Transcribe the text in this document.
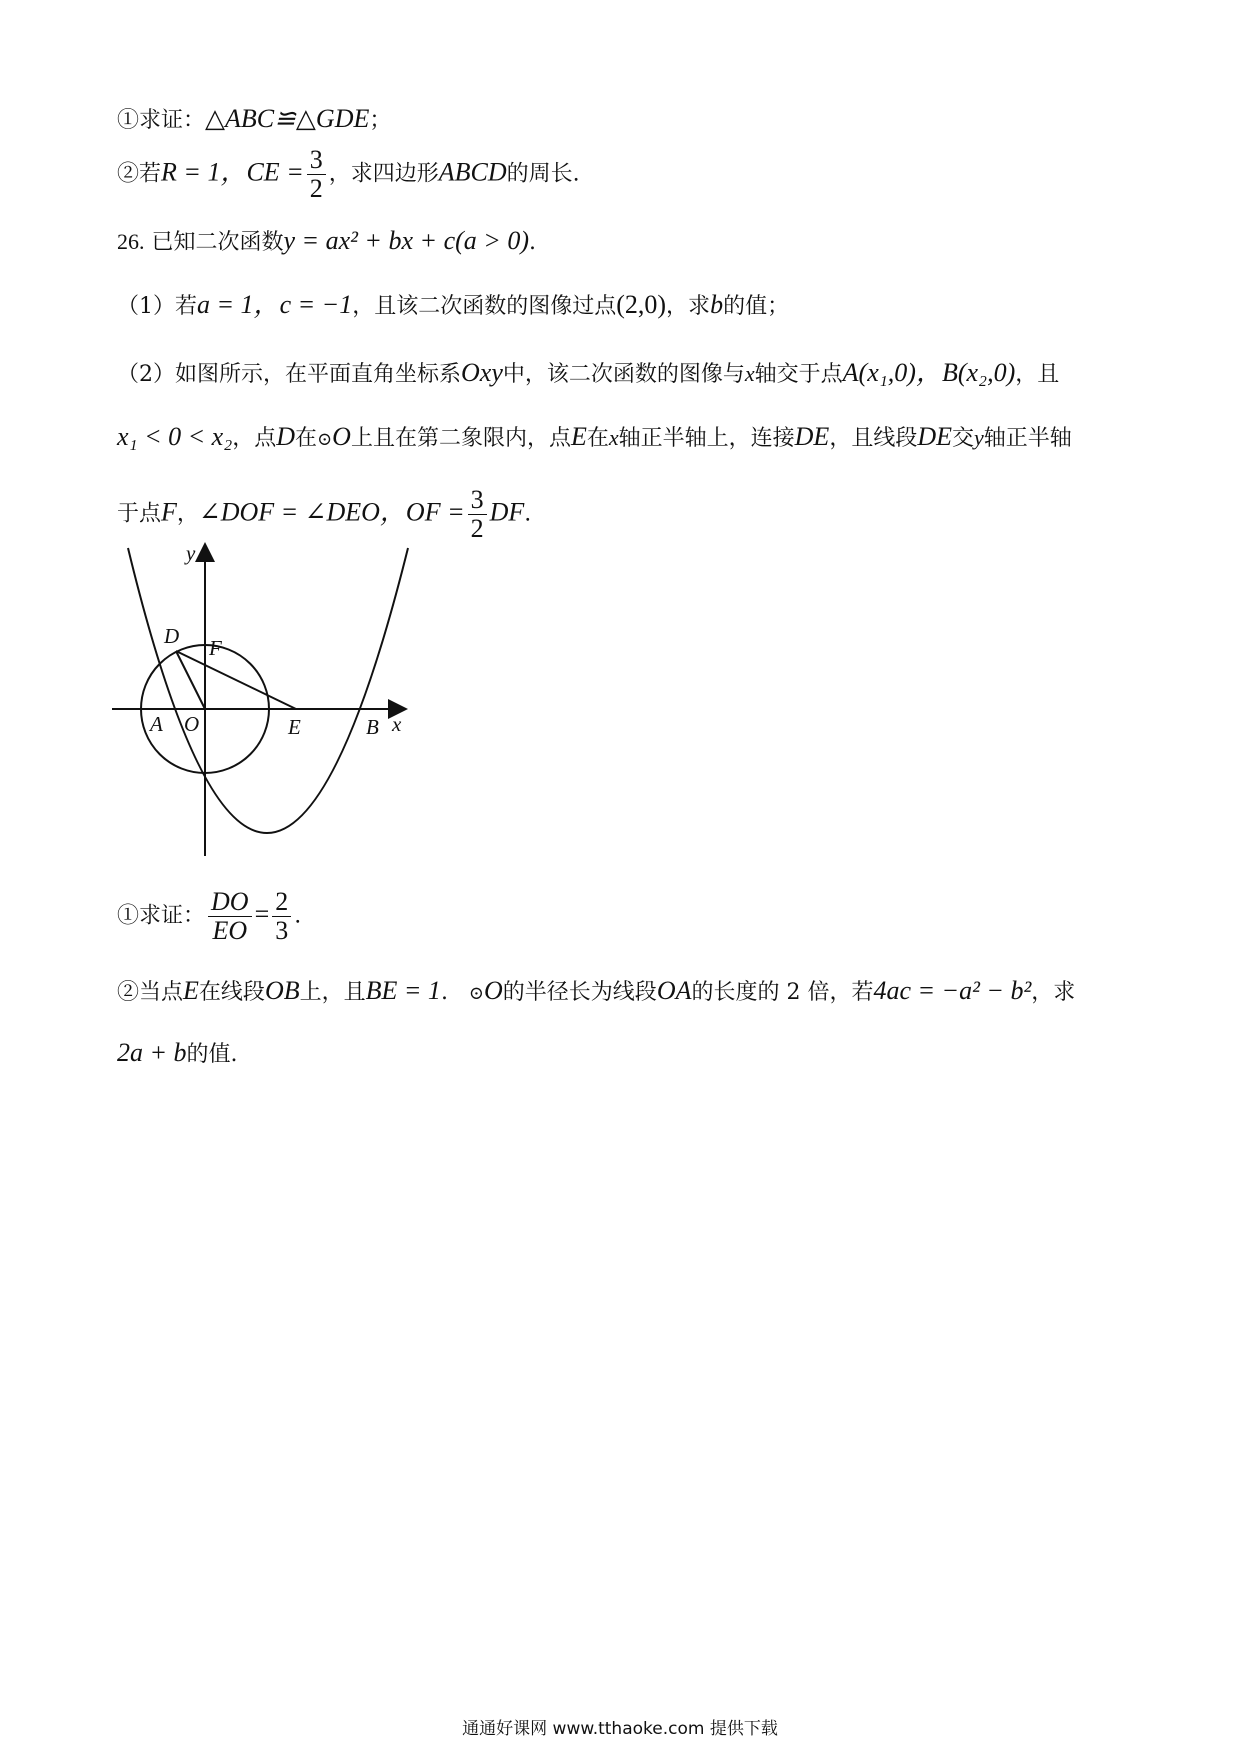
①求证：△ABC≌△GDE；
②若R = 1，CE = $\frac{3}{2}$ ，求四边形ABCD的周长.
26. 已知二次函数y = ax² + bx + c(a > 0).
（1）若a = 1，c = −1，且该二次函数的图像过点(2,0)，求b的值；
（2）如图所示，在平面直角坐标系Oxy中，该二次函数的图像与x轴交于点A(x₁,0)，B(x₂,0)，且
x₁ < 0 < x₂，点D在⊙O上且在第二象限内，点E在x轴正半轴上，连接DE，且线段DE交y轴正半轴
于点F，∠DOF = ∠DEO，OF = $\frac{3}{2}$ DF.
y
D F
A O	E	B x
①求证： $\frac{DO}{EO} = \frac{2}{3}$ .
②当点E在线段OB上，且BE = 1. ⊙O的半径长为线段OA的长度的 2 倍，若4ac = −a² − b²，求
2a + b的值.
通通好课网 www.tthaoke.com 提供下载
